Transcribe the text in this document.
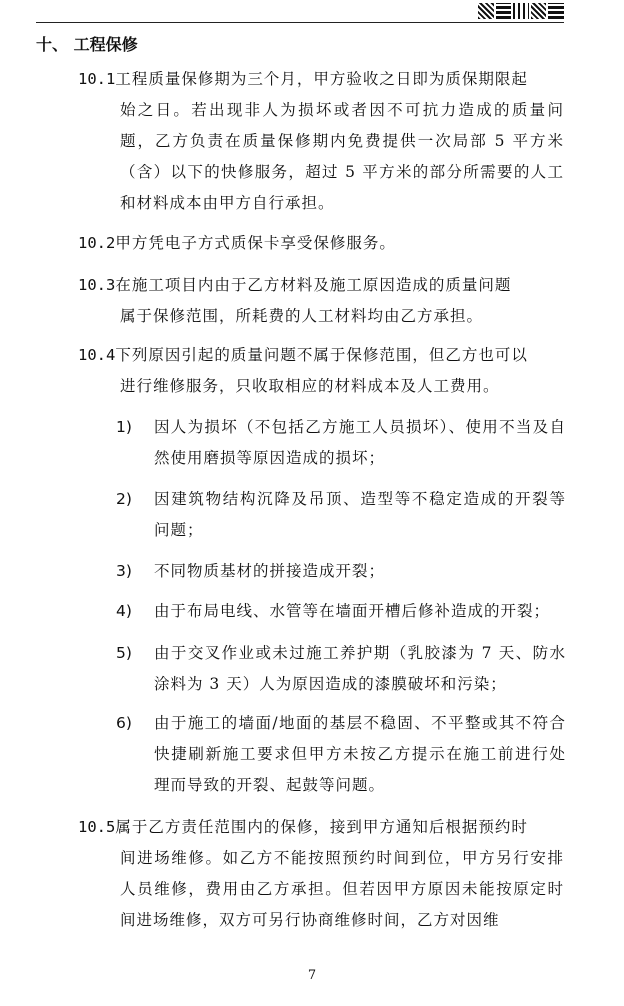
十、 工程保修
10.1工程质量保修期为三个月，甲方验收之日即为质保期限起
始之日。若出现非人为损坏或者因不可抗力造成的质量问题，乙方负责在质量保修期内免费提供一次局部 5 平方米（含）以下的快修服务，超过 5 平方米的部分所需要的人工和材料成本由甲方自行承担。
10.2甲方凭电子方式质保卡享受保修服务。
10.3在施工项目内由于乙方材料及施工原因造成的质量问题
属于保修范围，所耗费的人工材料均由乙方承担。
10.4下列原因引起的质量问题不属于保修范围，但乙方也可以
进行维修服务，只收取相应的材料成本及人工费用。
1)	因人为损坏（不包括乙方施工人员损坏）、使用不当及自然使用磨损等原因造成的损坏；
2)	因建筑物结构沉降及吊顶、造型等不稳定造成的开裂等问题；
3)	不同物质基材的拼接造成开裂；
4)	由于布局电线、水管等在墙面开槽后修补造成的开裂；
5)	由于交叉作业或未过施工养护期（乳胶漆为 7 天、防水涂料为 3 天）人为原因造成的漆膜破坏和污染；
6)	由于施工的墙面/地面的基层不稳固、不平整或其不符合快捷刷新施工要求但甲方未按乙方提示在施工前进行处理而导致的开裂、起鼓等问题。
10.5属于乙方责任范围内的保修，接到甲方通知后根据预约时
间进场维修。如乙方不能按照预约时间到位，甲方另行安排人员维修，费用由乙方承担。但若因甲方原因未能按原定时间进场维修，双方可另行协商维修时间，乙方对因维
7
